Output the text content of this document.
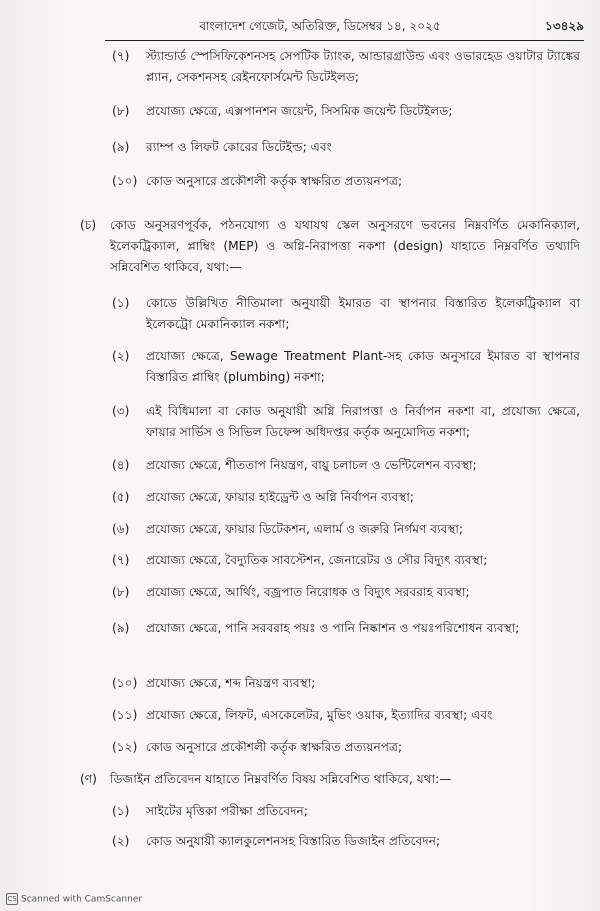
বাংলাদেশ গেজেট, অতিরিক্ত, ডিসেম্বর ১৪, ২০২৫	১৩৪২৯
(৭) স্ট্যান্ডার্ড স্পেসিফিকেশনসহ সেপটিক ট্যাংক, আন্ডারগ্রাউন্ড এবং ওভারহেড ওয়াটার ট্যাঙ্কের প্ল্যান, সেকশনসহ রেইনফোর্সমেন্ট ডিটেইলড;
(৮) প্রযোজ্য ক্ষেত্রে, এক্সপানশন জয়েন্ট, সিসমিক জয়েন্ট ডিটেইলড;
(৯) র‌্যাম্প ও লিফট কোরের ডিটেইল্ড; এবং
(১০) কোড অনুসারে প্রকৌশলী কর্তৃক স্বাক্ষরিত প্রত্যয়নপত্র;
(চ) কোড অনুসরণপূর্বক, পঠনযোগ্য ও যথাযথ স্কেল অনুসরণে ভবনের নিম্নবর্ণিত মেকানিক্যাল, ইলেকট্রিক্যাল, প্লাম্বিং (MEP) ও অগ্নি-নিরাপত্তা নকশা (design) যাহাতে নিম্নবর্ণিত তথ্যাদি সন্নিবেশিত থাকিবে, যথা:—
(১) কোডে উল্লিখিত নীতিমালা অনুযায়ী ইমারত বা স্থাপনার বিস্তারিত ইলেকট্রিক্যাল বা ইলেকট্রো মেকানিক্যাল নকশা;
(২) প্রযোজ্য ক্ষেত্রে, Sewage Treatment Plant-সহ কোড অনুসারে ইমারত বা স্থাপনার বিস্তারিত প্লাম্বিং (plumbing) নকশা;
(৩) এই বিধিমালা বা কোড অনুযায়ী অগ্নি নিরাপত্তা ও নির্বাপন নকশা বা, প্রযোজ্য ক্ষেত্রে, ফায়ার সার্ভিস ও সিভিল ডিফেন্স অধিদপ্তর কর্তৃক অনুমোদিত নকশা;
(৪) প্রযোজ্য ক্ষেত্রে, শীততাপ নিয়ন্ত্রণ, বায়ু চলাচল ও ভেন্টিলেশন ব্যবস্থা;
(৫) প্রযোজ্য ক্ষেত্রে, ফায়ার হাইড্রেন্ট ও অগ্নি নির্বাপন ব্যবস্থা;
(৬) প্রযোজ্য ক্ষেত্রে, ফায়ার ডিটেকশন, এলার্ম ও জরুরি নির্গমণ ব্যবস্থা;
(৭) প্রযোজ্য ক্ষেত্রে, বৈদ্যুতিক সাবস্টেশন, জেনারেটর ও সৌর বিদ্যুৎ ব্যবস্থা;
(৮) প্রযোজ্য ক্ষেত্রে, আর্থিং, বজ্রপাত নিরোধক ও বিদ্যুৎ সরবরাহ ব্যবস্থা;
(৯) প্রযোজ্য ক্ষেত্রে, পানি সরবরাহ পয়ঃ ও পানি নিষ্কাশন ও পয়ঃপরিশোধন ব্যবস্থা;
(১০) প্রযোজ্য ক্ষেত্রে, শব্দ নিয়ন্ত্রণ ব্যবস্থা;
(১১) প্রযোজ্য ক্ষেত্রে, লিফট, এসকেলেটর, মুভিং ওয়াক, ইত্যাদির ব্যবস্থা; এবং
(১২) কোড অনুসারে প্রকৌশলী কর্তৃক স্বাক্ষরিত প্রত্যয়নপত্র;
(ণ) ডিজাইন প্রতিবেদন যাহাতে নিম্নবর্ণিত বিষয় সন্নিবেশিত থাকিবে, যথা:—
(১) সাইটের মৃত্তিকা পরীক্ষা প্রতিবেদন;
(২) কোড অনুযায়ী ক্যালকুলেশনসহ বিস্তারিত ডিজাইন প্রতিবেদন;
CS Scanned with CamScanner
